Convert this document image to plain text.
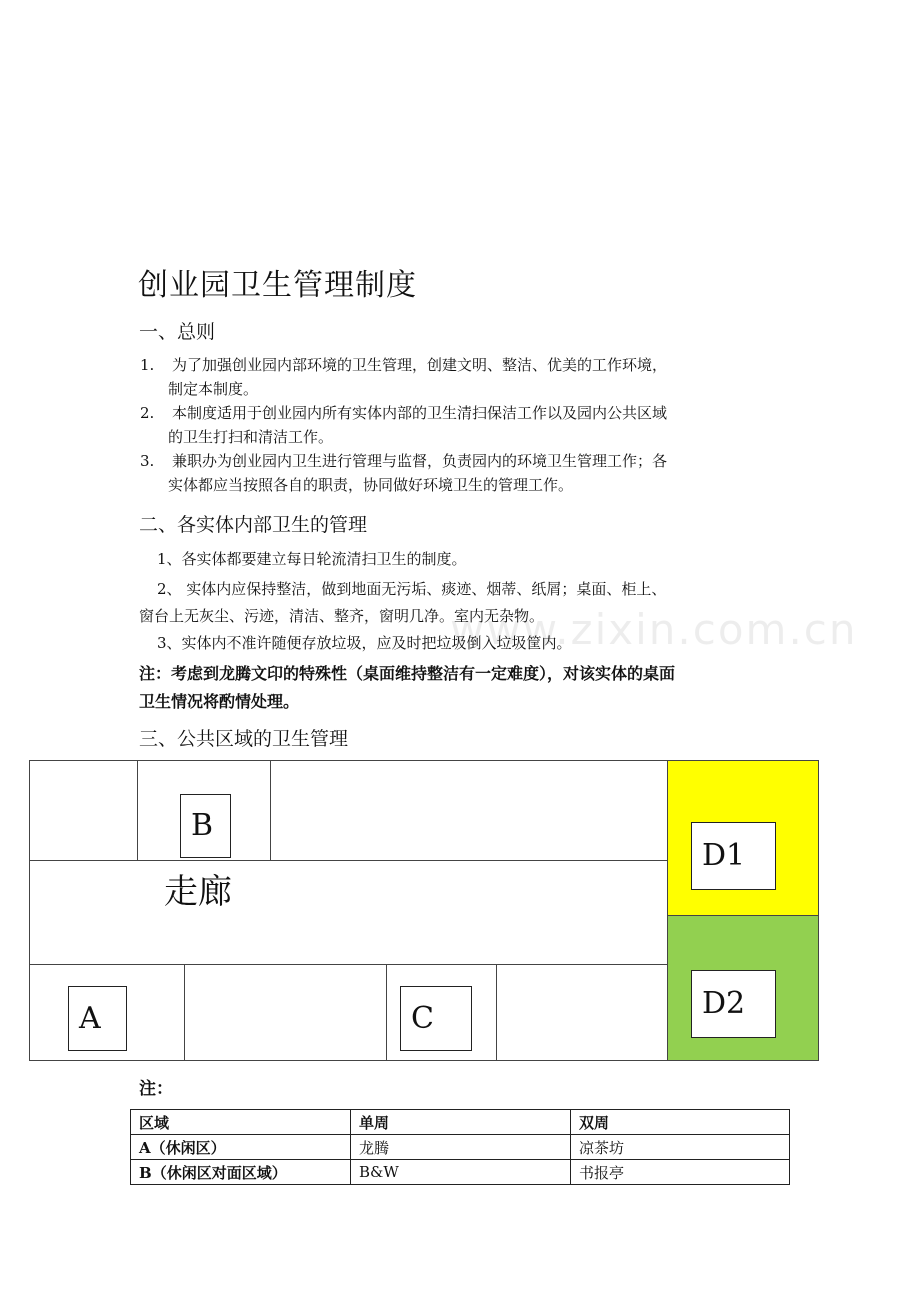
创业园卫生管理制度
一、总则
1.	为了加强创业园内部环境的卫生管理，创建文明、整洁、优美的工作环境，
制定本制度。
2.	本制度适用于创业园内所有实体内部的卫生清扫保洁工作以及园内公共区域
的卫生打扫和清洁工作。
3.	兼职办为创业园内卫生进行管理与监督，负责园内的环境卫生管理工作；各
实体都应当按照各自的职责，协同做好环境卫生的管理工作。
二、各实体内部卫生的管理
1、各实体都要建立每日轮流清扫卫生的制度。
2、 实体内应保持整洁，做到地面无污垢、痰迹、烟蒂、纸屑；桌面、柜上、
窗台上无灰尘、污迹，清洁、整齐，窗明几净。室内无杂物。
3、实体内不准许随便存放垃圾，应及时把垃圾倒入垃圾筐内。
www.zixin.com.cn
注：考虑到龙腾文印的特殊性（桌面维持整洁有一定难度），对该实体的桌面
卫生情况将酌情处理。
三、公共区域的卫生管理
B
走廊
A	C
D1
D2
注：
区域	单周	双周
A（休闲区）	龙腾	凉茶坊
B（休闲区对面区域）	B&W	书报亭
